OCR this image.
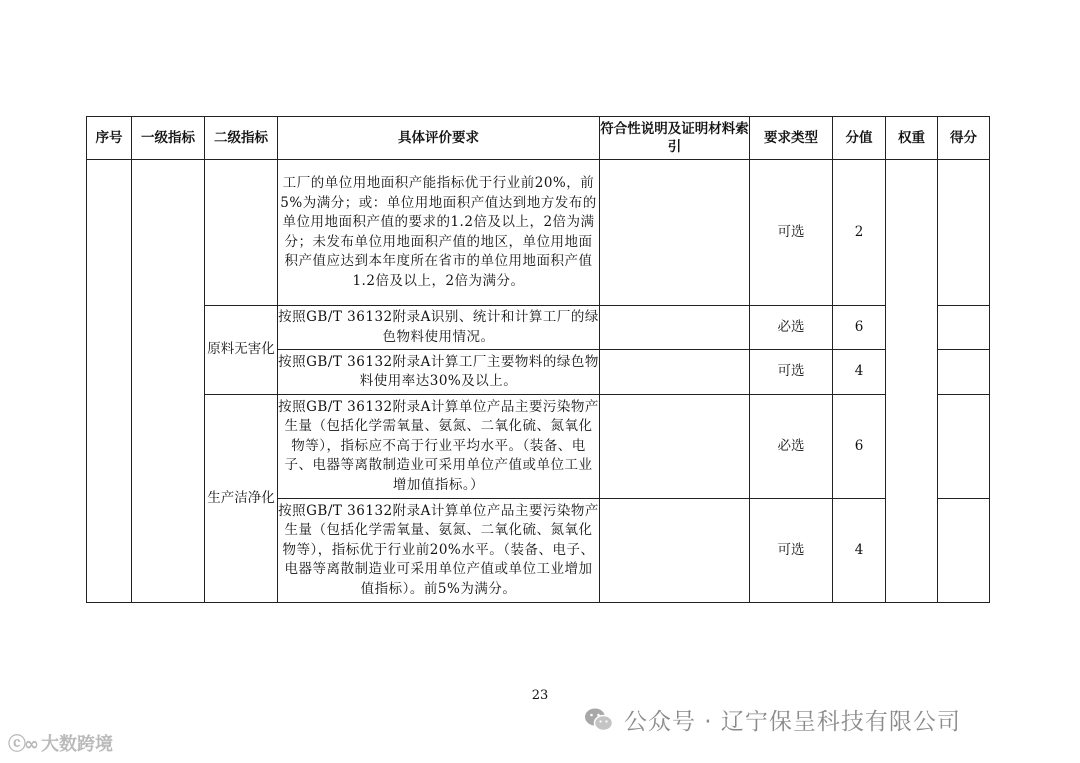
序号	一级指标	二级指标	具体评价要求	符合性说明及证明材料索引	要求类型	分值	权重	得分
			工厂的单位用地面积产能指标优于行业前20%，前5%为满分；或：单位用地面积产值达到地方发布的单位用地面积产值的要求的1.2倍及以上，2倍为满分；未发布单位用地面积产值的地区，单位用地面积产值应达到本年度所在省市的单位用地面积产值1.2倍及以上，2倍为满分。		可选	2		
		原料无害化	按照GB/T 36132附录A识别、统计和计算工厂的绿色物料使用情况。		必选	6		
			按照GB/T 36132附录A计算工厂主要物料的绿色物料使用率达30%及以上。		可选	4		
		生产洁净化	按照GB/T 36132附录A计算单位产品主要污染物产生量（包括化学需氧量、氨氮、二氧化硫、氮氧化物等），指标应不高于行业平均水平。（装备、电子、电器等离散制造业可采用单位产值或单位工业增加值指标。）		必选	6		
			按照GB/T 36132附录A计算单位产品主要污染物产生量（包括化学需氧量、氨氮、二氧化硫、氮氧化物等），指标优于行业前20%水平。（装备、电子、电器等离散制造业可采用单位产值或单位工业增加值指标）。前5%为满分。		可选	4		
23
公众号 · 辽宁保呈科技有限公司
ⓒ∞ 大数跨境
